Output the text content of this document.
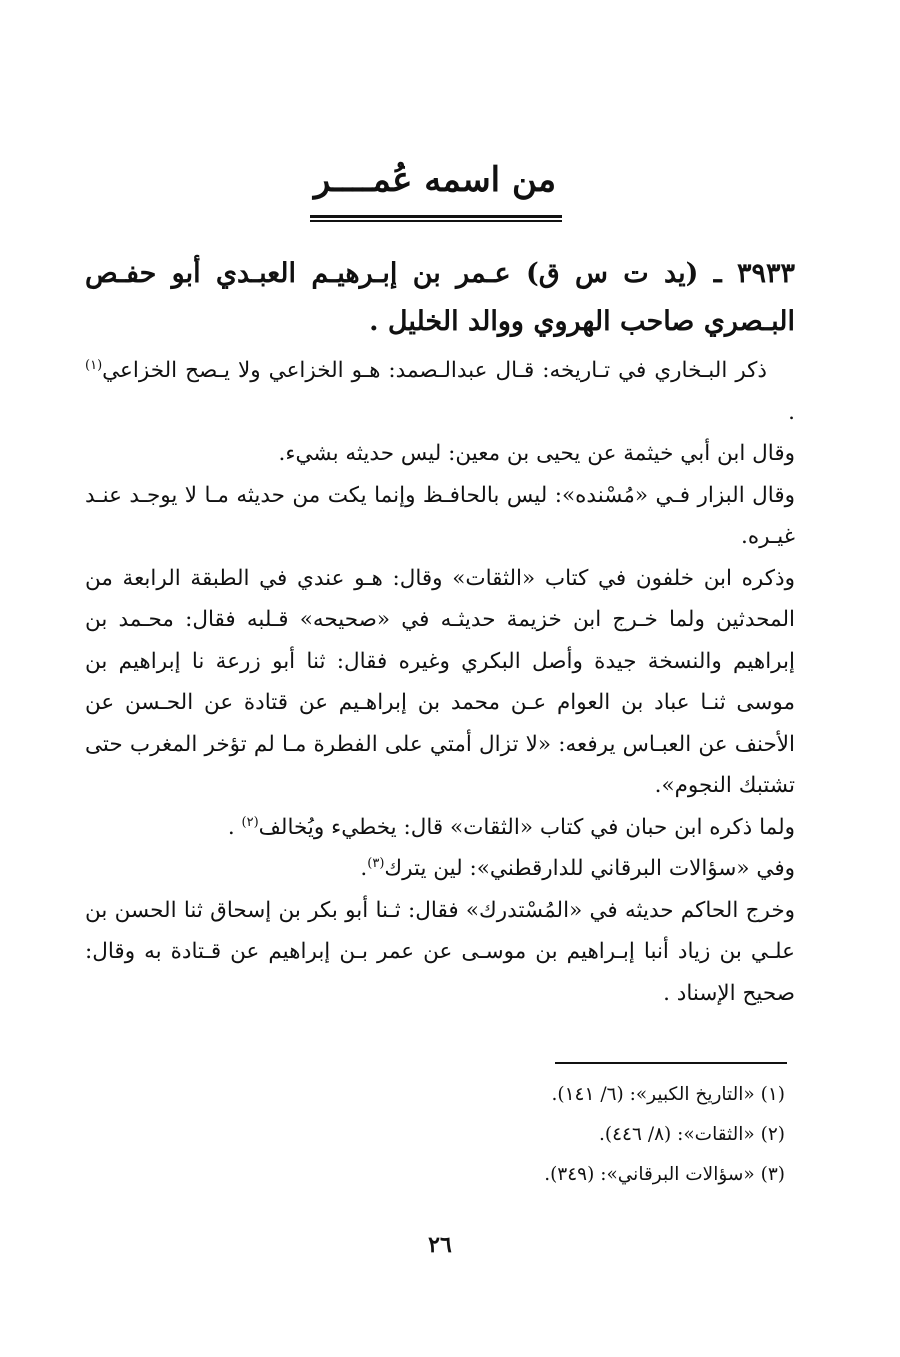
من اسمه عُمــــر
٣٩٣٣ ـ (يد ت س ق) عـمر بن إبـرهيـم العبـدي أبو حفـص البـصري صاحب الهروي ووالد الخليل .

ذكر البـخاري في تـاريخه: قـال عبدالـصمد: هـو الخزاعي ولا يـصح الخزاعي$^{(١)}$ .

وقال ابن أبي خيثمة عن يحيى بن معين: ليس حديثه بشيء.

وقال البزار فـي «مُسْنده»: ليس بالحافـظ وإنما يكت من حديثه مـا لا يوجـد عنـد غيـره.

وذكره ابن خلفون في كتاب «الثقات» وقال: هـو عندي في الطبقة الرابعة من المحدثين ولما خـرج ابن خزيمة حديثـه في «صحيحه» قـلبه فقال: محـمد بن إبراهيم والنسخة جيدة وأصل البكري وغيره فقال: ثنا أبو زرعة نا إبراهيم بن موسى ثنـا عباد بن العوام عـن محمد بن إبراهـيم عن قتادة عن الحـسن عن الأحنف عن العبـاس يرفعه: «لا تزال أمتي على الفطرة مـا لم تؤخر المغرب حتى تشتبك النجوم».

ولما ذكره ابن حبان في كتاب «الثقات» قال: يخطيء ويُخالف$^{(٢)}$ .

وفي «سؤالات البرقاني للدارقطني»: لين يترك$^{(٣)}$.

وخرج الحاكم حديثه في «المُسْتدرك» فقال: ثـنا أبو بكر بن إسحاق ثنا الحسن بن علـي بن زياد أنبا إبـراهيم بن موسـى عن عمر بـن إبراهيم عن قـتادة به وقال: صحيح الإسناد .

(١) «التاريخ الكبير»: (٦/ ١٤١).

(٢) «الثقات»: (٨/ ٤٤٦).

(٣) «سؤالات البرقاني»: (٣٤٩).

٢٦
